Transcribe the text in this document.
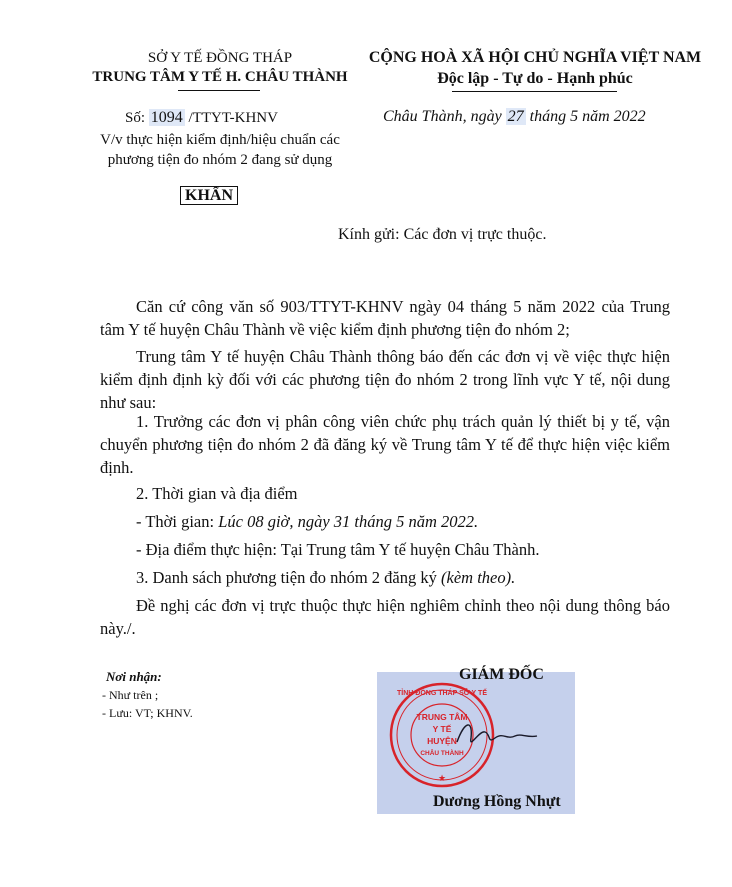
SỞ Y TẾ ĐỒNG THÁP
TRUNG TÂM Y TẾ H. CHÂU THÀNH
Số: 1094 /TTYT-KHNV
V/v thực hiện kiểm định/hiệu chuẩn các
phương tiện đo nhóm 2 đang sử dụng
KHẨN
CỘNG HOÀ XÃ HỘI CHỦ NGHĨA VIỆT NAM
Độc lập - Tự do - Hạnh phúc
Châu Thành, ngày 27 tháng 5 năm 2022
Kính gửi: Các đơn vị trực thuộc.
Căn cứ công văn số 903/TTYT-KHNV ngày 04 tháng 5 năm 2022 của Trung tâm Y tế huyện Châu Thành về việc kiểm định phương tiện đo nhóm 2;
Trung tâm Y tế huyện Châu Thành thông báo đến các đơn vị về việc thực hiện kiểm định định kỳ đối với các phương tiện đo nhóm 2 trong lĩnh vực Y tế, nội dung như sau:
1. Trưởng các đơn vị phân công viên chức phụ trách quản lý thiết bị y tế, vận chuyển phương tiện đo nhóm 2 đã đăng ký về Trung tâm Y tế để thực hiện việc kiểm định.
2. Thời gian và địa điểm
- Thời gian: Lúc 08 giờ, ngày 31 tháng 5 năm 2022.
- Địa điểm thực hiện: Tại Trung tâm Y tế huyện Châu Thành.
3. Danh sách phương tiện đo nhóm 2 đăng ký (kèm theo).
Đề nghị các đơn vị trực thuộc thực hiện nghiêm chỉnh theo nội dung thông báo này./.
Nơi nhận:
- Như trên ;
- Lưu: VT; KHNV.
GIÁM ĐỐC
TỈNH ĐỒNG THÁP SỞ Y TẾ
TRUNG TÂM
Y TẾ
HUYỆN
CHÂU THÀNH
★
Dương Hồng Nhựt
